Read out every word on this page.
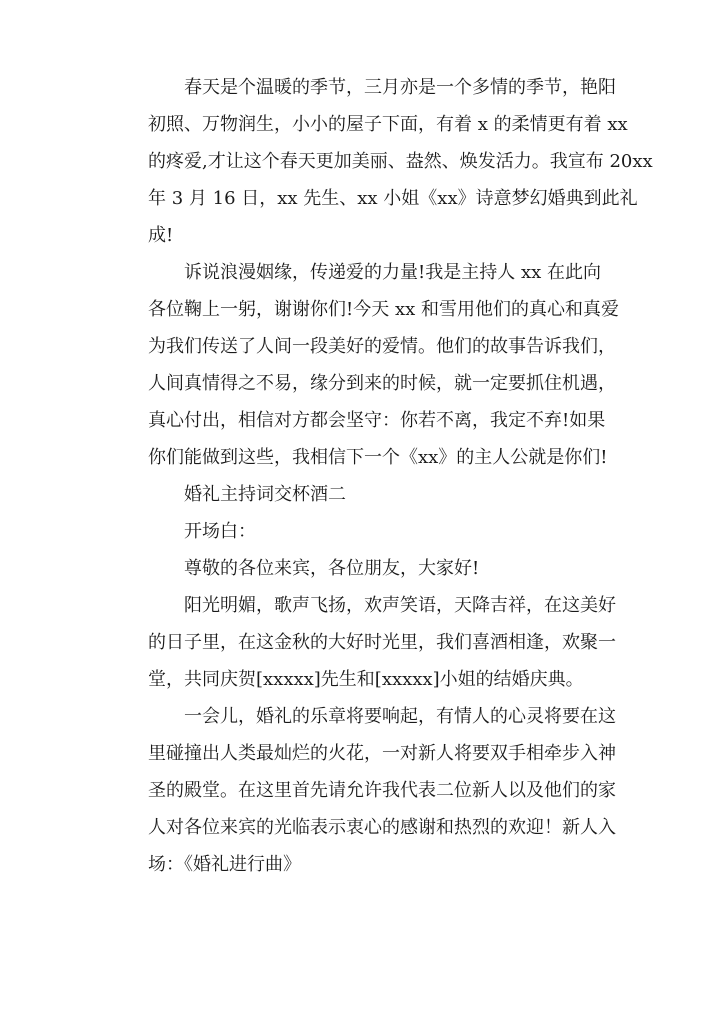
春天是个温暖的季节，三月亦是一个多情的季节，艳阳
初照、万物润生，小小的屋子下面，有着 x 的柔情更有着 xx
的疼爱,才让这个春天更加美丽、盎然、焕发活力。我宣布 20xx
年 3 月 16 日，xx 先生、xx 小姐《xx》诗意梦幻婚典到此礼
成!

诉说浪漫姻缘，传递爱的力量!我是主持人 xx 在此向
各位鞠上一躬，谢谢你们!今天 xx 和雪用他们的真心和真爱
为我们传送了人间一段美好的爱情。他们的故事告诉我们，
人间真情得之不易，缘分到来的时候，就一定要抓住机遇，
真心付出，相信对方都会坚守：你若不离，我定不弃!如果
你们能做到这些，我相信下一个《xx》的主人公就是你们!

婚礼主持词交杯酒二

开场白：

尊敬的各位来宾，各位朋友，大家好!

阳光明媚，歌声飞扬，欢声笑语，天降吉祥，在这美好
的日子里，在这金秋的大好时光里，我们喜酒相逢，欢聚一
堂，共同庆贺[xxxxx]先生和[xxxxx]小姐的结婚庆典。

一会儿，婚礼的乐章将要响起，有情人的心灵将要在这
里碰撞出人类最灿烂的火花，一对新人将要双手相牵步入神
圣的殿堂。在这里首先请允许我代表二位新人以及他们的家
人对各位来宾的光临表示衷心的感谢和热烈的欢迎！新人入
场：《婚礼进行曲》
